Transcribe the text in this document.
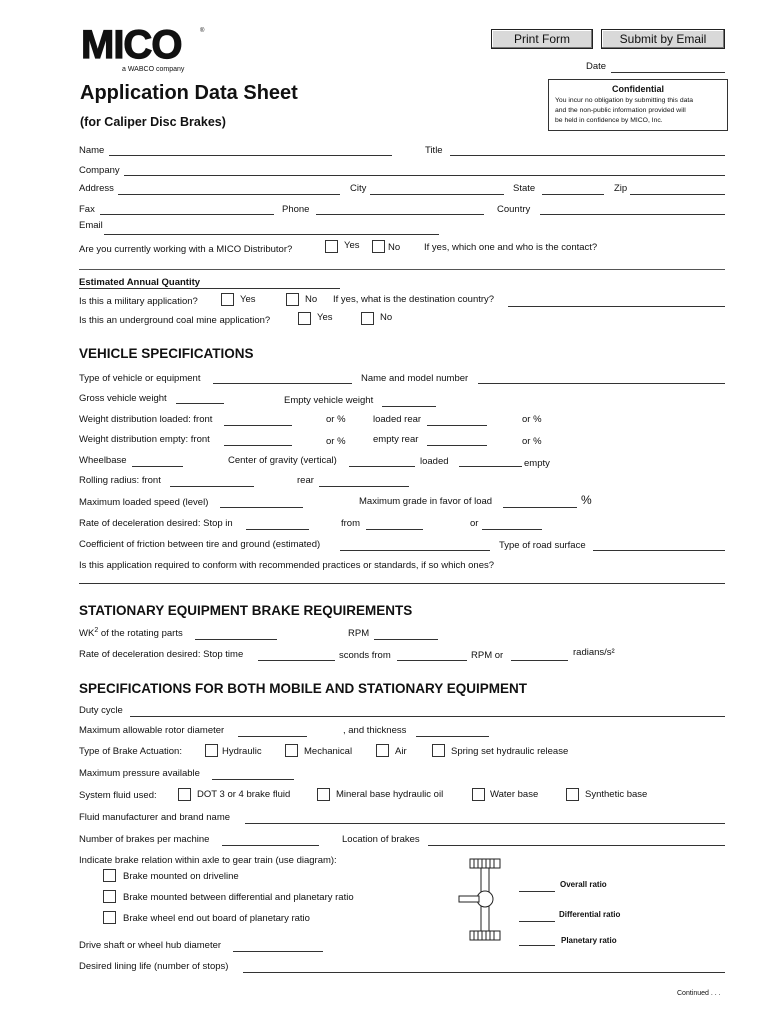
MICO	®
a WABCO company
Application Data Sheet
(for Caliper Disc Brakes)
Print Form	Submit by Email
Date
Confidential
You incur no obligation by submitting this data
and the non-public information provided will
be held in confidence by MICO, Inc.
Name	Title
Company
Address	City	State	Zip
Fax	Phone	Country
Email
Are you currently working with a MICO Distributor?	Yes	No	If yes, which one and who is the contact?
Estimated Annual Quantity
Is this a military application?	Yes	No If yes, what is the destination country?
Is this an underground coal mine application?	Yes	No
VEHICLE SPECIFICATIONS
Type of vehicle or equipment	Name and model number
Gross vehicle weight	Empty vehicle weight
Weight distribution loaded: front	or %	loaded rear	or %
Weight distribution empty: front	or %	empty rear	or %
Wheelbase	Center of gravity (vertical)	loaded	empty
Rolling radius: front	rear
Maximum loaded speed (level)	Maximum grade in favor of load	%
Rate of deceleration desired: Stop in	from	or
Coefficient of friction between tire and ground (estimated)	Type of road surface
Is this application required to conform with recommended practices or standards, if so which ones?
STATIONARY EQUIPMENT BRAKE REQUIREMENTS
$WK^2$ of the rotating parts	RPM
Rate of deceleration desired: Stop time	sconds from	RPM or	radians/s²
SPECIFICATIONS FOR BOTH MOBILE AND STATIONARY EQUIPMENT
Duty cycle
Maximum allowable rotor diameter	, and thickness
Type of Brake Actuation:	Hydraulic	Mechanical	Air	Spring set hydraulic release
Maximum pressure available
System fluid used:	DOT 3 or 4 brake fluid	Mineral base hydraulic oil	Water base	Synthetic base
Fluid manufacturer and brand name
Number of brakes per machine	Location of brakes
Indicate brake relation within axle to gear train (use diagram):
Brake mounted on driveline
Brake mounted between differential and planetary ratio
Brake wheel end out board of planetary ratio
Overall ratio
Differential ratio
Planetary ratio
Drive shaft or wheel hub diameter
Desired lining life (number of stops)
Continued . . .
